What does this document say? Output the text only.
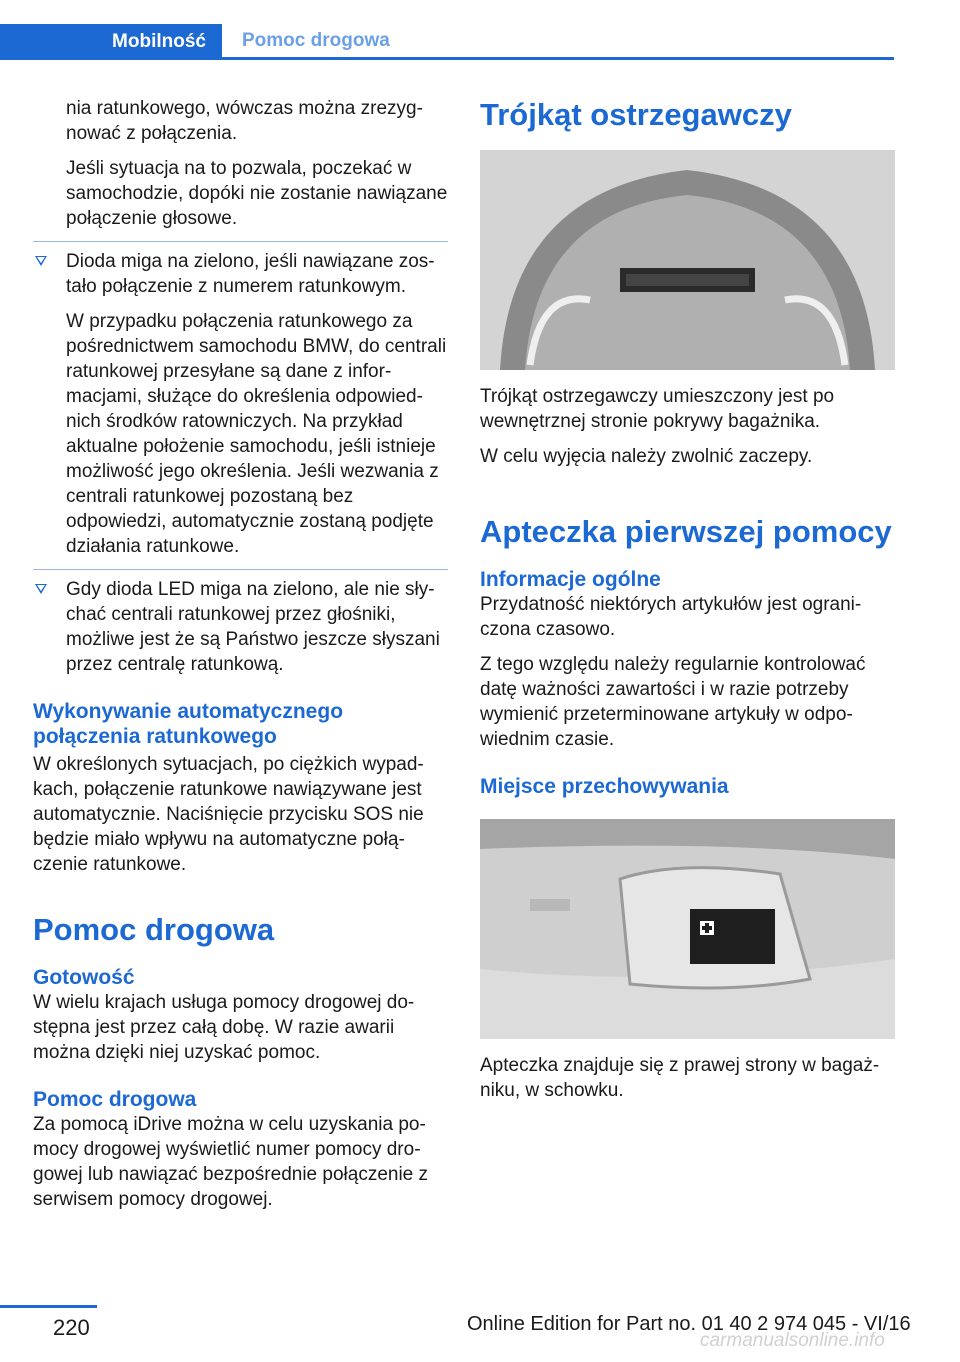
Mobilność	Pomoc drogowa

nia ratunkowego, wówczas można zrezygnować z połączenia.

Jeśli sytuacja na to pozwala, poczekać w samochodzie, dopóki nie zostanie nawiązane połączenie głosowe.

Dioda miga na zielono, jeśli nawiązane zostało połączenie z numerem ratunkowym.

W przypadku połączenia ratunkowego za pośrednictwem samochodu BMW, do centrali ratunkowej przesyłane są dane z informacjami, służące do określenia odpowiednich środków ratowniczych. Na przykład aktualne położenie samochodu, jeśli istnieje możliwość jego określenia. Jeśli wezwania z centrali ratunkowej pozostaną bez odpowiedzi, automatycznie zostaną podjęte działania ratunkowe.

Gdy dioda LED miga na zielono, ale nie słychać centrali ratunkowej przez głośniki, możliwe jest że są Państwo jeszcze słyszani przez centralę ratunkową.

Wykonywanie automatycznego połączenia ratunkowego

W określonych sytuacjach, po ciężkich wypadkach, połączenie ratunkowe nawiązywane jest automatycznie. Naciśnięcie przycisku SOS nie będzie miało wpływu na automatyczne połączenie ratunkowe.

Pomoc drogowa
Gotowość

W wielu krajach usługa pomocy drogowej dostępna jest przez całą dobę. W razie awarii można dzięki niej uzyskać pomoc.

Pomoc drogowa

Za pomocą iDrive można w celu uzyskania pomocy drogowej wyświetlić numer pomocy drogowej lub nawiązać bezpośrednie połączenie z serwisem pomocy drogowej.

Trójkąt ostrzegawczy

Trójkąt ostrzegawczy umieszczony jest po wewnętrznej stronie pokrywy bagażnika.

W celu wyjęcia należy zwolnić zaczepy.

Apteczka pierwszej pomocy
Informacje ogólne

Przydatność niektórych artykułów jest ograniczona czasowo.

Z tego względu należy regularnie kontrolować datę ważności zawartości i w razie potrzeby wymienić przeterminowane artykuły w odpowiednim czasie.

Miejsce przechowywania

Apteczka znajduje się z prawej strony w bagażniku, w schowku.

220	Online Edition for Part no. 01 40 2 974 045 - VI/16
carmanualsonline.info
